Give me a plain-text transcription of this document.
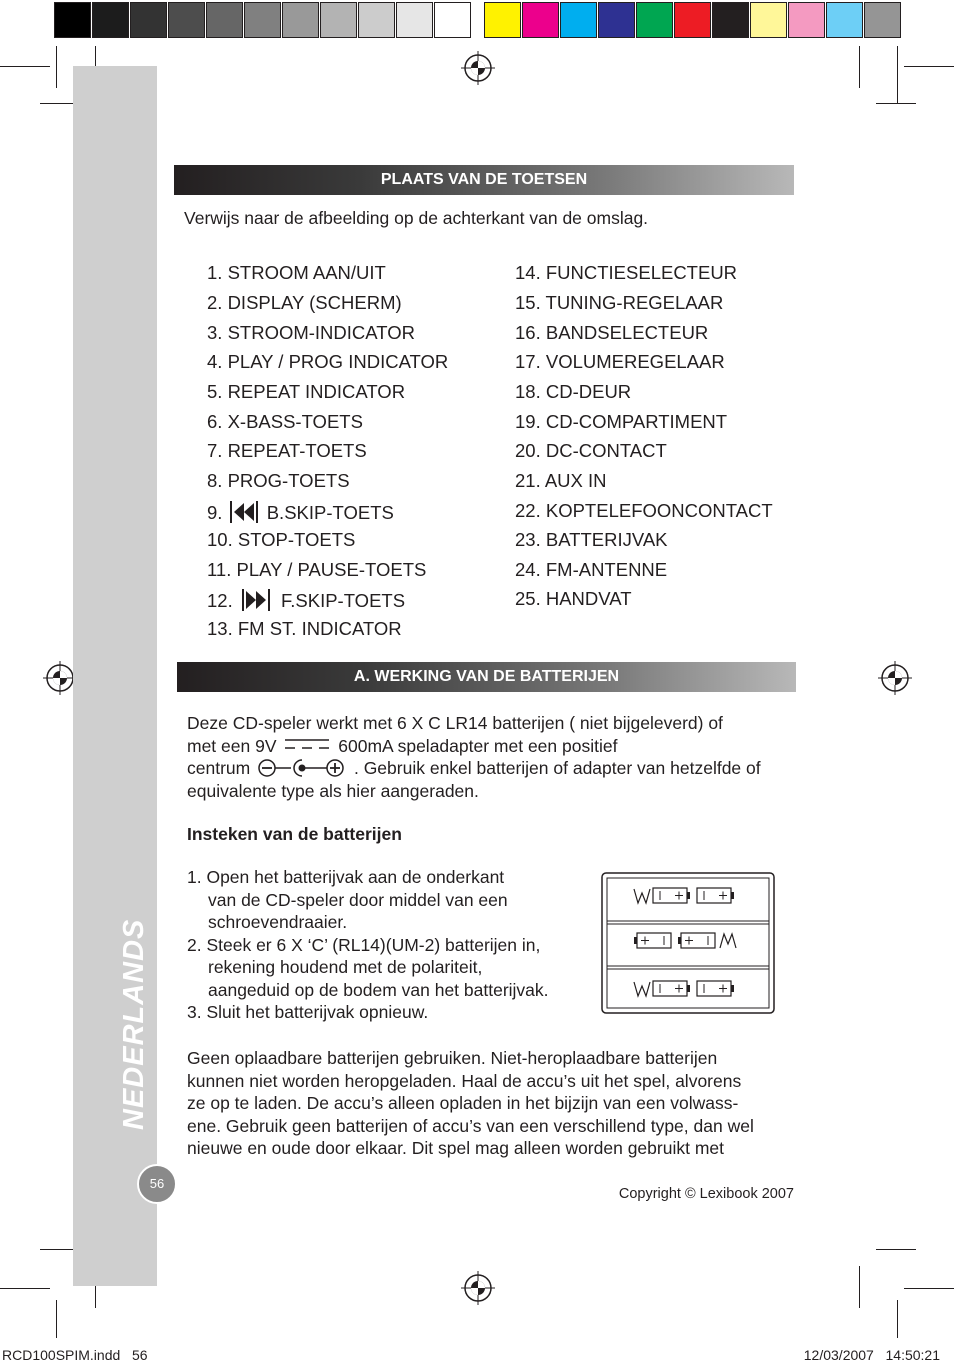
NEDERLANDS
PLAATS VAN DE TOETSEN
Verwijs naar de afbeelding op de achterkant van de omslag.
1. STROOM AAN/UIT
2. DISPLAY (SCHERM)
3. STROOM-INDICATOR
4. PLAY / PROG INDICATOR
5. REPEAT INDICATOR
6. X-BASS-TOETS
7. REPEAT-TOETS
8. PROG-TOETS
9. B.SKIP-TOETS
10. STOP-TOETS
11. PLAY / PAUSE-TOETS
12.	F.SKIP-TOETS
13. FM ST. INDICATOR
14. FUNCTIESELECTEUR
15. TUNING-REGELAAR
16. BANDSELECTEUR
17. VOLUMEREGELAAR
18. CD-DEUR
19. CD-COMPARTIMENT
20. DC-CONTACT
21. AUX IN
22. KOPTELEFOONCONTACT
23. BATTERIJVAK
24. FM-ANTENNE
25. HANDVAT
A. WERKING VAN DE BATTERIJEN
Deze CD-speler werkt met 6 X C LR14 batterijen ( niet bijgeleverd) of
met een 9V	600mA speladapter met een positief
centrum	. Gebruik enkel batterijen of adapter van hetzelfde of
equivalente type als hier aangeraden.
Insteken van de batterijen
1. Open het batterijvak aan de onderkant
van de CD-speler door middel van een
schroevendraaier.
2. Steek er 6 X ‘C’ (RL14)(UM-2) batterijen in,
rekening houdend met de polariteit,
aangeduid op de bodem van het batterijvak.
3. Sluit het batterijvak opnieuw.
Geen oplaadbare batterijen gebruiken. Niet-heroplaadbare batterijen
kunnen niet worden heropgeladen. Haal de accu’s uit het spel, alvorens
ze op te laden. De accu’s alleen opladen in het bijzijn van een volwass-
ene. Gebruik geen batterijen of accu’s van een verschillend type, dan wel
nieuwe en oude door elkaar. Dit spel mag alleen worden gebruikt met
56
Copyright © Lexibook 2007
RCD100SPIM.indd   56	12/03/2007   14:50:21
